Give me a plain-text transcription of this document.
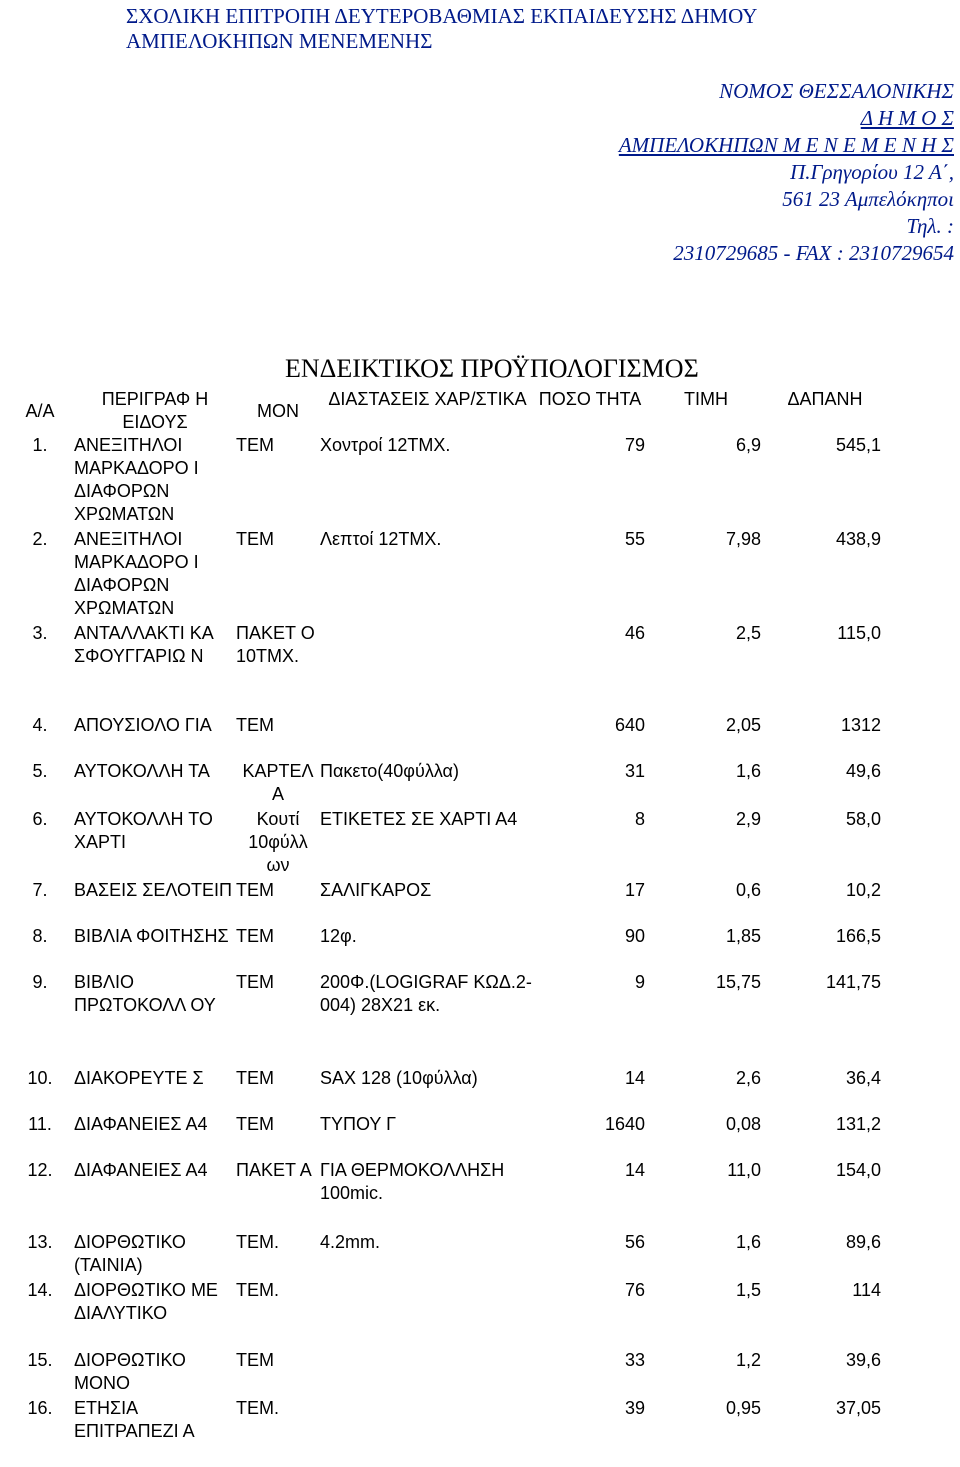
ΣΧΟΛΙΚΗ ΕΠΙΤΡΟΠΗ ΔΕΥΤΕΡΟΒΑΘΜΙΑΣ ΕΚΠΑΙΔΕΥΣΗΣ ΔΗΜΟΥ
ΑΜΠΕΛΟΚΗΠΩΝ ΜΕΝΕΜΕΝΗΣ
ΝΟΜΟΣ ΘΕΣΣΑΛΟΝΙΚΗΣ
Δ Η Μ Ο Σ
ΑΜΠΕΛΟΚΗΠΩΝ Μ Ε Ν Ε Μ Ε Ν Η Σ
Π.Γρηγορίου 12 Α΄,
561 23 Αμπελόκηποι
Τηλ. :
2310729685 - FAX : 2310729654
ΕΝΔΕΙΚΤΙΚΟΣ ΠΡΟΫΠΟΛΟΓΙΣΜΟΣ
Α/Α	ΠΕΡΙΓΡΑΦ Η ΕΙΔΟΥΣ	ΜΟΝ	ΔΙΑΣΤΑΣΕΙΣ ΧΑΡ/ΣΤΙΚΑ	ΠΟΣΟ ΤΗΤΑ	ΤΙΜΗ	ΔΑΠΑΝΗ
1.	ΑΝΕΞΙΤΗΛΟΙ ΜΑΡΚΑΔΟΡΟ Ι ΔΙΑΦΟΡΩΝ ΧΡΩΜΑΤΩΝ	ΤΕΜ	Χοντροί 12ΤΜΧ.	79	6,9	545,1
2.	ΑΝΕΞΙΤΗΛΟΙ ΜΑΡΚΑΔΟΡΟ Ι ΔΙΑΦΟΡΩΝ ΧΡΩΜΑΤΩΝ	ΤΕΜ	Λεπτοί 12ΤΜΧ.	55	7,98	438,9
3.	ΑΝΤΑΛΛΑΚΤΙ ΚΑ ΣΦΟΥΓΓΑΡΙΩ Ν	ΠΑΚΕΤ Ο 10ΤΜΧ.		46	2,5	115,0
4.	ΑΠΟΥΣΙΟΛΟ ΓΙΑ	ΤΕΜ		640	2,05	1312
5.	ΑΥΤΟΚΟΛΛΗ ΤΑ	ΚΑΡΤΕΛ Α	Πακετο(40φύλλα)	31	1,6	49,6
6.	ΑΥΤΟΚΟΛΛΗ ΤΟ ΧΑΡΤΙ	Κουτί 10φύλλ ων	ΕΤΙΚΕΤΕΣ ΣΕ ΧΑΡΤΙ Α4	8	2,9	58,0
7.	ΒΑΣΕΙΣ ΣΕΛΟΤΕΙΠ	ΤΕΜ	ΣΑΛΙΓΚΑΡΟΣ	17	0,6	10,2
8.	ΒΙΒΛΙΑ ΦΟΙΤΗΣΗΣ	ΤΕΜ	12φ.	90	1,85	166,5
9.	ΒΙΒΛΙΟ ΠΡΩΤΟΚΟΛΛ ΟΥ	ΤΕΜ	200Φ.(LOGIGRAF ΚΩΔ.2-004) 28Χ21 εκ.	9	15,75	141,75

10.	ΔΙΑΚΟΡΕΥΤΕ Σ	ΤΕΜ	SAX 128 (10φύλλα)	14	2,6	36,4
11.	ΔΙΑΦΑΝΕΙΕΣ Α4	ΤΕΜ	ΤΥΠΟΥ Γ	1640	0,08	131,2
12.	ΔΙΑΦΑΝΕΙΕΣ Α4	ΠΑΚΕΤ Α	ΓΙΑ ΘΕΡΜΟΚΟΛΛΗΣΗ 100mic.	14	11,0	154,0
13.	ΔΙΟΡΘΩΤΙΚΟ (ΤΑΙΝΙΑ)	ΤΕΜ.	4.2mm.	56	1,6	89,6
14.	ΔΙΟΡΘΩΤΙΚΟ ΜΕ ΔΙΑΛΥΤΙΚΟ	ΤΕΜ.		76	1,5	114
15.	ΔΙΟΡΘΩΤΙΚΟ ΜΟΝΟ	ΤΕΜ		33	1,2	39,6
16.	ΕΤΗΣΙΑ ΕΠΙΤΡΑΠΕΖΙ Α	ΤΕΜ.		39	0,95	37,05
